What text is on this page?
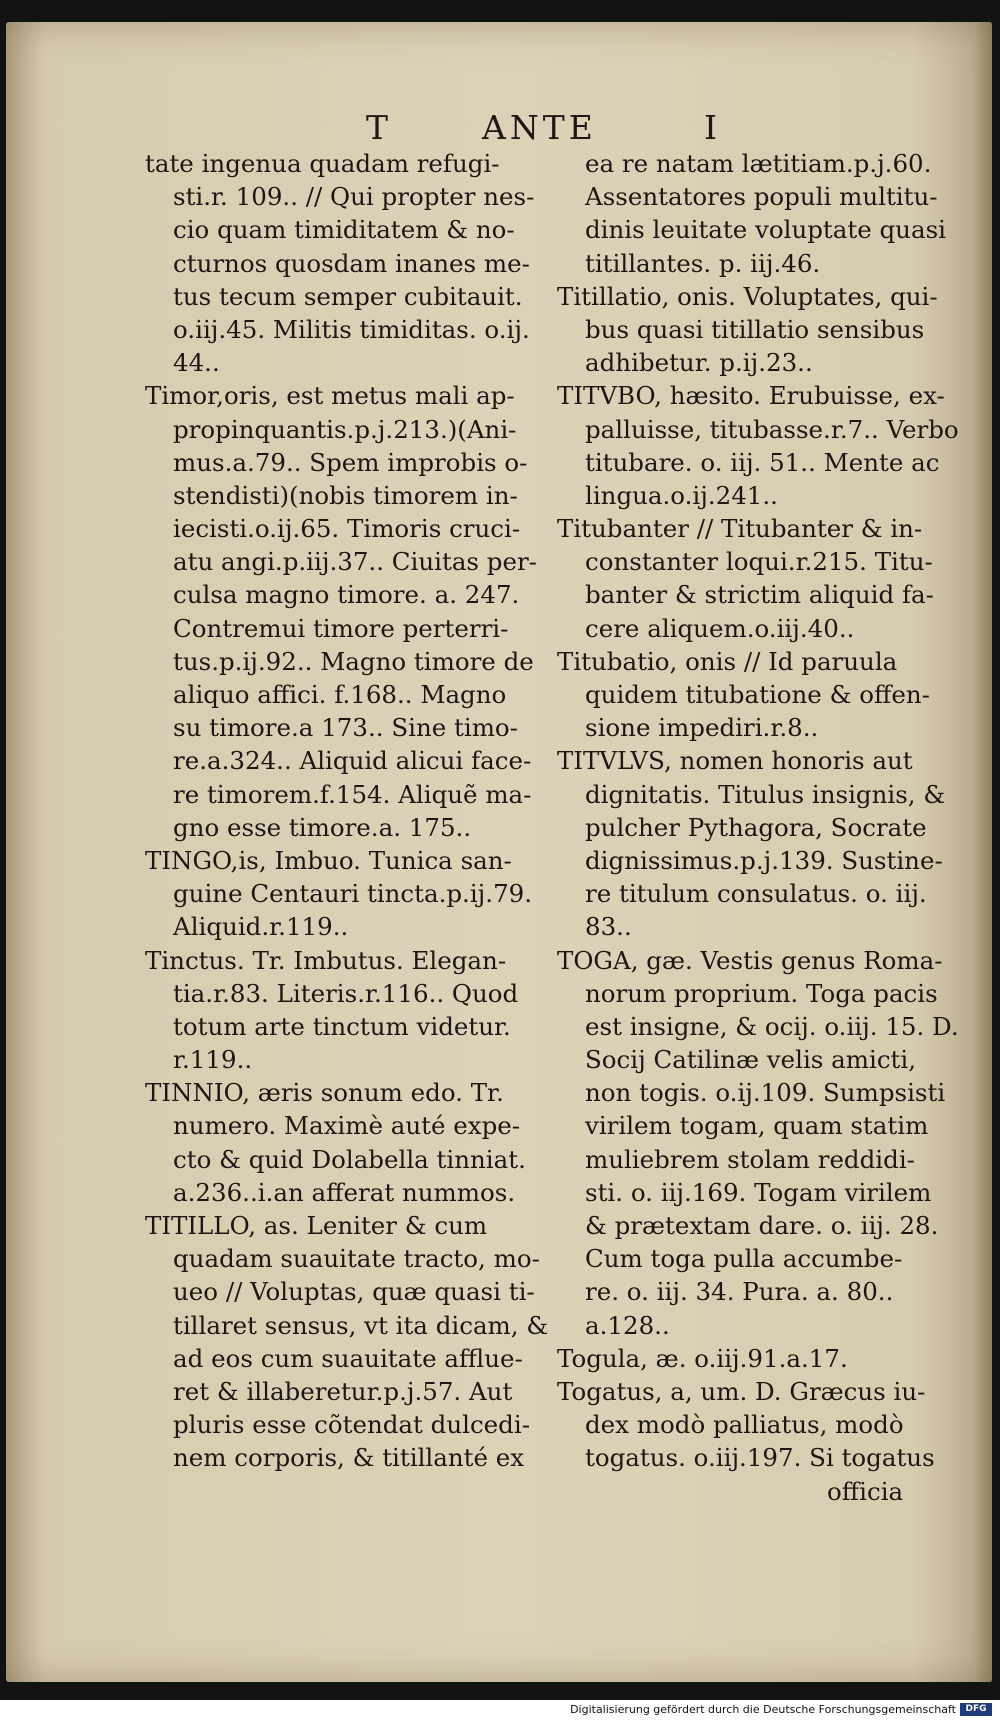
T	ANTE	I
tate ingenua quadam refugi-
sti.r. 109.. // Qui propter nes-
cio quam timiditatem & no-
cturnos quosdam inanes me-
tus tecum semper cubitauit.
o.iij.45. Militis timiditas. o.ij.
44..
Timor,oris, est metus mali ap-
propinquantis.p.j.213.)(Ani-
mus.a.79.. Spem improbis o-
stendisti)(nobis timorem in-
iecisti.o.ij.65. Timoris cruci-
atu angi.p.iij.37.. Ciuitas per-
culsa magno timore. a. 247.
Contremui timore perterri-
tus.p.ij.92.. Magno timore de
aliquo affici. f.168.. Magno
su timore.a 173.. Sine timo-
re.a.324.. Aliquid alicui face-
re timorem.f.154. Aliquẽ ma-
gno esse timore.a. 175..
TINGO,is, Imbuo. Tunica san-
guine Centauri tincta.p.ij.79.
Aliquid.r.119..
Tinctus. Tr. Imbutus. Elegan-
tia.r.83. Literis.r.116.. Quod
totum arte tinctum videtur.
r.119..
TINNIO, æris sonum edo. Tr.
numero. Maximè auté expe-
cto & quid Dolabella tinniat.
a.236..i.an afferat nummos.
TITILLO, as. Leniter & cum
quadam suauitate tracto, mo-
ueo // Voluptas, quæ quasi ti-
tillaret sensus, vt ita dicam, &
ad eos cum suauitate afflue-
ret & illaberetur.p.j.57. Aut
pluris esse cõtendat dulcedi-
nem corporis, & titillanté ex
ea re natam lætitiam.p.j.60.
Assentatores populi multitu-
dinis leuitate voluptate quasi
titillantes. p. iij.46.
Titillatio, onis. Voluptates, qui-
bus quasi titillatio sensibus
adhibetur. p.ij.23..
TITVBO, hæsito. Erubuisse, ex-
palluisse, titubasse.r.7.. Verbo
titubare. o. iij. 51.. Mente ac
lingua.o.ij.241..
Titubanter // Titubanter & in-
constanter loqui.r.215. Titu-
banter & strictim aliquid fa-
cere aliquem.o.iij.40..
Titubatio, onis // Id paruula
quidem titubatione & offen-
sione impediri.r.8..
TITVLVS, nomen honoris aut
dignitatis. Titulus insignis, &
pulcher Pythagora, Socrate
dignissimus.p.j.139. Sustine-
re titulum consulatus. o. iij.
83..
TOGA, gæ. Vestis genus Roma-
norum proprium. Toga pacis
est insigne, & ocij. o.iij. 15. D.
Socij Catilinæ velis amicti,
non togis. o.ij.109. Sumpsisti
virilem togam, quam statim
muliebrem stolam reddidi-
sti. o. iij.169. Togam virilem
& prætextam dare. o. iij. 28.
Cum toga pulla accumbe-
re. o. iij. 34. Pura. a. 80..
a.128..
Togula, æ. o.iij.91.a.17.
Togatus, a, um. D. Græcus iu-
dex modò palliatus, modò
togatus. o.iij.197. Si togatus
officia
Digitalisierung gefördert durch die Deutsche Forschungsgemeinschaft	DFG
